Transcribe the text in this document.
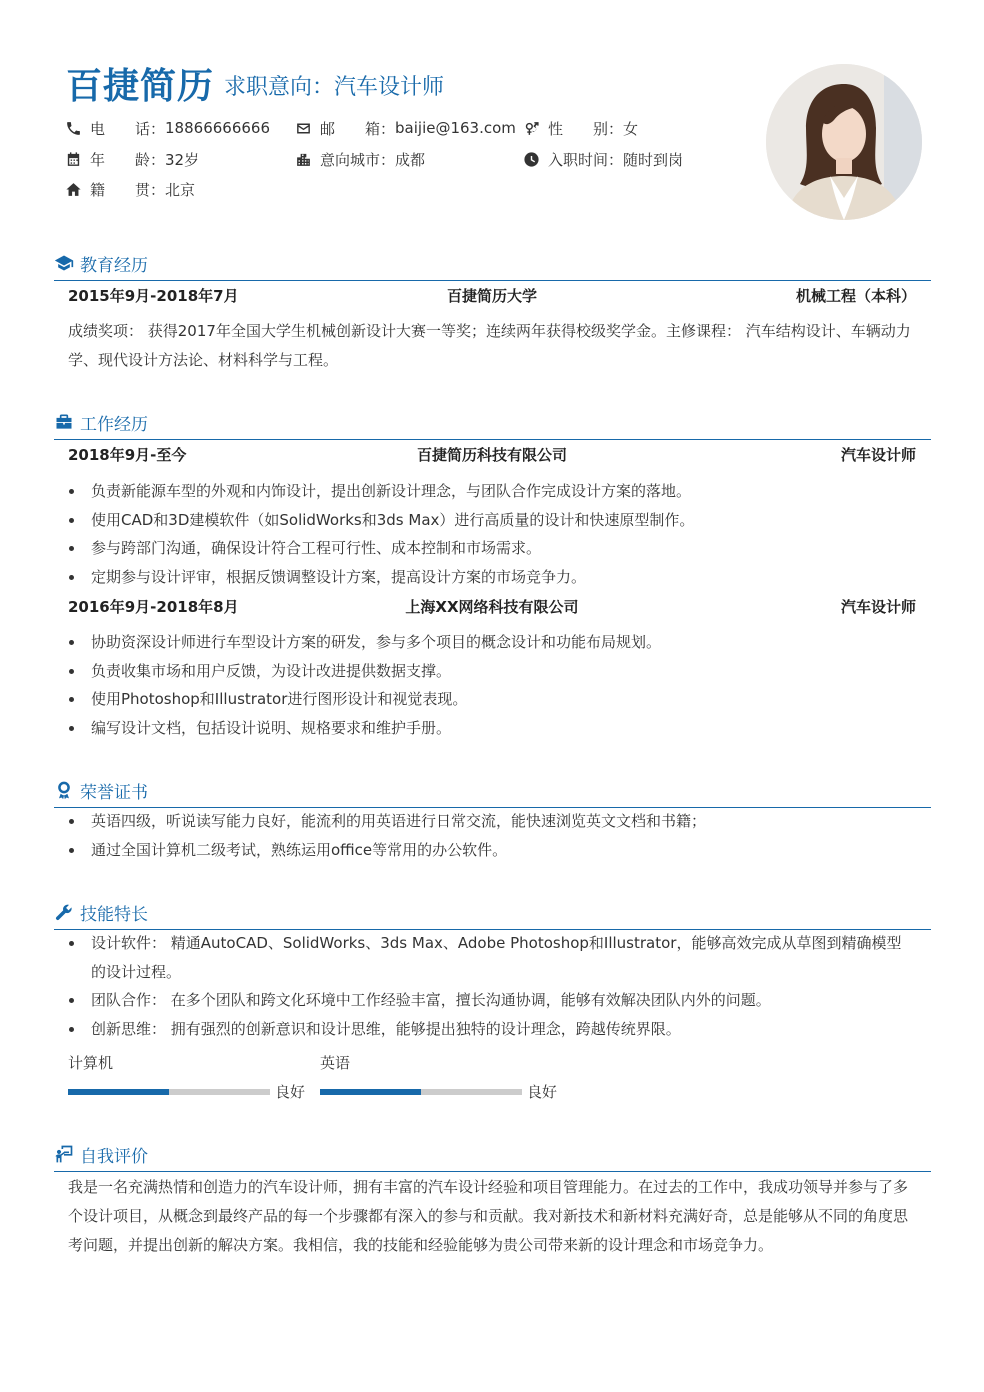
百捷简历 求职意向：汽车设计师
电　　话： 18866666666	邮　　箱： baijie@163.com 性　　别： 女
年　　龄： 32岁	意向城市： 成都	入职时间： 随时到岗
籍　　贯： 北京
教育经历
2015年9月-2018年7月	百捷简历大学	机械工程（本科）
成绩奖项： 获得2017年全国大学生机械创新设计大赛一等奖；连续两年获得校级奖学金。主修课程： 汽车结构设计、车辆动力学、现代设计方法论、材料科学与工程。
工作经历
2018年9月-至今	百捷简历科技有限公司	汽车设计师
负责新能源车型的外观和内饰设计，提出创新设计理念，与团队合作完成设计方案的落地。
使用CAD和3D建模软件（如SolidWorks和3ds Max）进行高质量的设计和快速原型制作。
参与跨部门沟通，确保设计符合工程可行性、成本控制和市场需求。
定期参与设计评审，根据反馈调整设计方案，提高设计方案的市场竞争力。
2016年9月-2018年8月	上海XX网络科技有限公司	汽车设计师
协助资深设计师进行车型设计方案的研发，参与多个项目的概念设计和功能布局规划。
负责收集市场和用户反馈，为设计改进提供数据支撑。
使用Photoshop和Illustrator进行图形设计和视觉表现。
编写设计文档，包括设计说明、规格要求和维护手册。
荣誉证书
英语四级，听说读写能力良好，能流利的用英语进行日常交流，能快速浏览英文文档和书籍；
通过全国计算机二级考试，熟练运用office等常用的办公软件。
技能特长
设计软件： 精通AutoCAD、SolidWorks、3ds Max、Adobe Photoshop和Illustrator，能够高效完成从草图到精确模型的设计过程。
团队合作： 在多个团队和跨文化环境中工作经验丰富，擅长沟通协调，能够有效解决团队内外的问题。
创新思维： 拥有强烈的创新意识和设计思维，能够提出独特的设计理念，跨越传统界限。
计算机
良好
英语
良好
自我评价
我是一名充满热情和创造力的汽车设计师，拥有丰富的汽车设计经验和项目管理能力。在过去的工作中，我成功领导并参与了多个设计项目，从概念到最终产品的每一个步骤都有深入的参与和贡献。我对新技术和新材料充满好奇，总是能够从不同的角度思考问题，并提出创新的解决方案。我相信，我的技能和经验能够为贵公司带来新的设计理念和市场竞争力。
